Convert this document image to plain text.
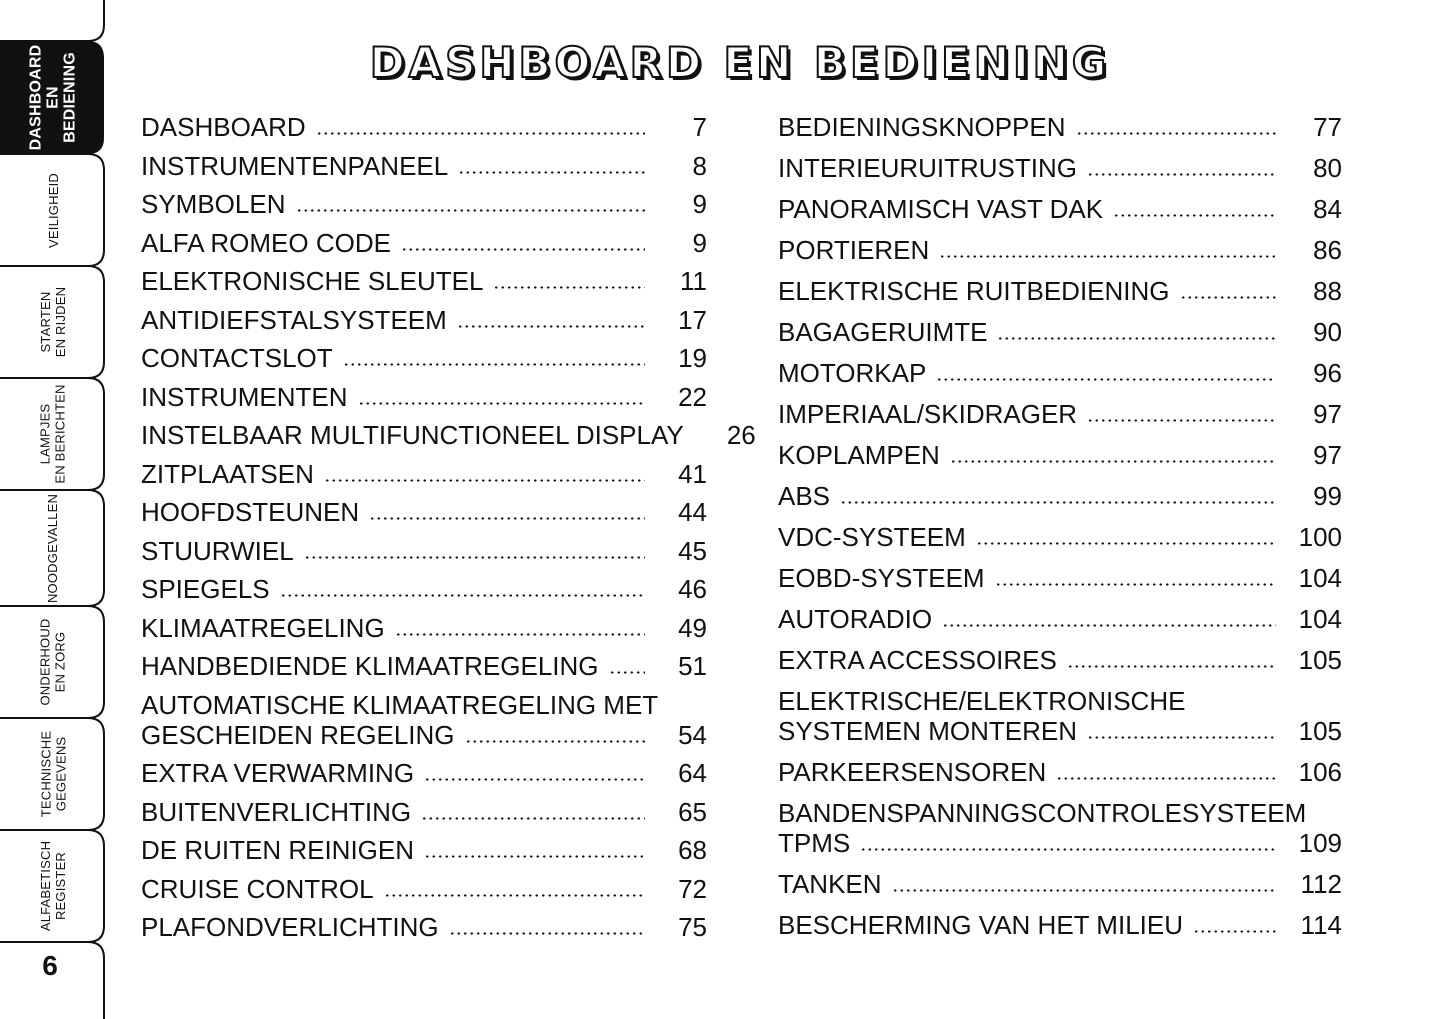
DASHBOARD EN BEDIENING
VEILIGHEID
STARTEN EN RIJDEN
LAMPJES EN BERICHTEN
NOODGEVALLEN
ONDERHOUD EN ZORG
TECHNISCHE GEGEVENS
ALFABETISCH REGISTER
6
DASHBOARD EN BEDIENING
DASHBOARD	7
INSTRUMENTENPANEEL	8
SYMBOLEN	9
ALFA ROMEO CODE	9
ELEKTRONISCHE SLEUTEL	11
ANTIDIEFSTALSYSTEEM	17
CONTACTSLOT	19
INSTRUMENTEN	22
INSTELBAAR MULTIFUNCTIONEEL DISPLAY	26
ZITPLAATSEN	41
HOOFDSTEUNEN	44
STUURWIEL	45
SPIEGELS	46
KLIMAATREGELING	49
HANDBEDIENDE KLIMAATREGELING	51
AUTOMATISCHE KLIMAATREGELING MET
GESCHEIDEN REGELING	54
EXTRA VERWARMING	64
BUITENVERLICHTING	65
DE RUITEN REINIGEN	68
CRUISE CONTROL	72
PLAFONDVERLICHTING	75
BEDIENINGSKNOPPEN	77
INTERIEURUITRUSTING	80
PANORAMISCH VAST DAK	84
PORTIEREN	86
ELEKTRISCHE RUITBEDIENING	88
BAGAGERUIMTE	90
MOTORKAP	96
IMPERIAAL/SKIDRAGER	97
KOPLAMPEN	97
ABS	99
VDC-SYSTEEM	100
EOBD-SYSTEEM	104
AUTORADIO	104
EXTRA ACCESSOIRES	105
ELEKTRISCHE/ELEKTRONISCHE
SYSTEMEN MONTEREN	105
PARKEERSENSOREN	106
BANDENSPANNINGSCONTROLESYSTEEM
TPMS	109
TANKEN	112
BESCHERMING VAN HET MILIEU	114
